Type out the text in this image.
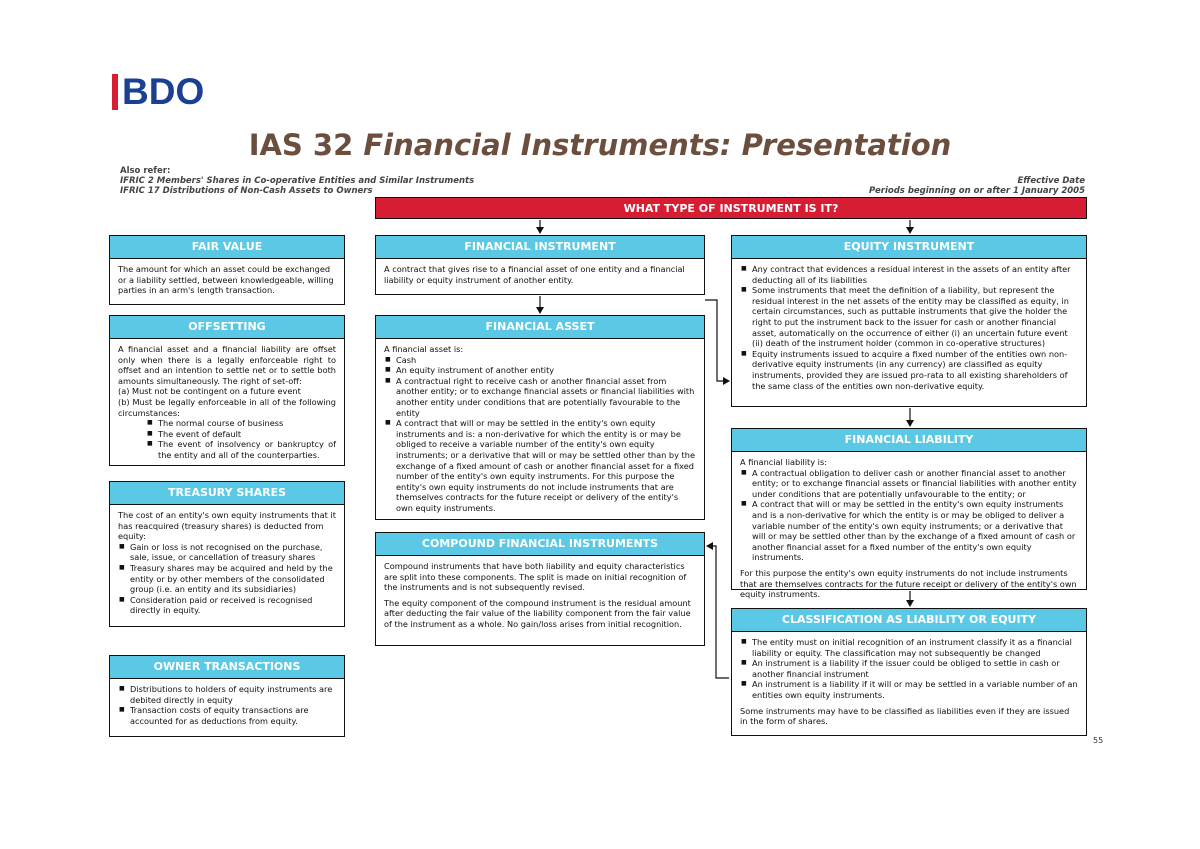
BDO
IAS 32 Financial Instruments: Presentation
Also refer:
IFRIC 2 Members' Shares in Co-operative Entities and Similar Instruments
IFRIC 17 Distributions of Non-Cash Assets to Owners
Effective Date
Periods beginning on or after 1 January 2005
WHAT TYPE OF INSTRUMENT IS IT?
FAIR VALUE
The amount for which an asset could be exchanged or a liability settled, between knowledgeable, willing parties in an arm's length transaction.
OFFSETTING

A financial asset and a financial liability are offset only when there is a legally enforceable right to offset and an intention to settle net or to settle both amounts simultaneously. The right of set-off:

(a) Must not be contingent on a future event

(b) Must be legally enforceable in all of the following circumstances:

■ The normal course of business
■ The event of default
■ The event of insolvency or bankruptcy of the entity and all of the counterparties.
TREASURY SHARES

The cost of an entity's own equity instruments that it has reacquired (treasury shares) is deducted from equity:

■ Gain or loss is not recognised on the purchase, sale, issue, or cancellation of treasury shares
■ Treasury shares may be acquired and held by the entity or by other members of the consolidated group (i.e. an entity and its subsidiaries)
■ Consideration paid or received is recognised directly in equity.
OWNER TRANSACTIONS
■ Distributions to holders of equity instruments are debited directly in equity
■ Transaction costs of equity transactions are accounted for as deductions from equity.
FINANCIAL INSTRUMENT
A contract that gives rise to a financial asset of one entity and a financial liability or equity instrument of another entity.
FINANCIAL ASSET

A financial asset is:

■ Cash
■ An equity instrument of another entity
■ A contractual right to receive cash or another financial asset from another entity; or to exchange financial assets or financial liabilities with another entity under conditions that are potentially favourable to the entity
■ A contract that will or may be settled in the entity's own equity instruments and is: a non-derivative for which the entity is or may be obliged to receive a variable number of the entity's own equity instruments; or a derivative that will or may be settled other than by the exchange of a fixed amount of cash or another financial asset for a fixed number of the entity's own equity instruments. For this purpose the entity's own equity instruments do not include instruments that are themselves contracts for the future receipt or delivery of the entity's own equity instruments.
COMPOUND FINANCIAL INSTRUMENTS

Compound instruments that have both liability and equity characteristics are split into these components. The split is made on initial recognition of the instruments and is not subsequently revised.

The equity component of the compound instrument is the residual amount after deducting the fair value of the liability component from the fair value of the instrument as a whole. No gain/loss arises from initial recognition.

EQUITY INSTRUMENT
■ Any contract that evidences a residual interest in the assets of an entity after deducting all of its liabilities
■ Some instruments that meet the definition of a liability, but represent the residual interest in the net assets of the entity may be classified as equity, in certain circumstances, such as puttable instruments that give the holder the right to put the instrument back to the issuer for cash or another financial asset, automatically on the occurrence of either (i) an uncertain future event (ii) death of the instrument holder (common in co-operative structures)
■ Equity instruments issued to acquire a fixed number of the entities own non-derivative equity instruments (in any currency) are classified as equity instruments, provided they are issued pro-rata to all existing shareholders of the same class of the entities own non-derivative equity.
FINANCIAL LIABILITY

A financial liability is:

■ A contractual obligation to deliver cash or another financial asset to another entity; or to exchange financial assets or financial liabilities with another entity under conditions that are potentially unfavourable to the entity; or
■ A contract that will or may be settled in the entity's own equity instruments and is a non-derivative for which the entity is or may be obliged to deliver a variable number of the entity's own equity instruments; or a derivative that will or may be settled other than by the exchange of a fixed amount of cash or another financial asset for a fixed number of the entity's own equity instruments.

For this purpose the entity's own equity instruments do not include instruments that are themselves contracts for the future receipt or delivery of the entity's own equity instruments.

CLASSIFICATION AS LIABILITY OR EQUITY
■ The entity must on initial recognition of an instrument classify it as a financial liability or equity. The classification may not subsequently be changed
■ An instrument is a liability if the issuer could be obliged to settle in cash or another financial instrument
■ An instrument is a liability if it will or may be settled in a variable number of an entities own equity instruments.

Some instruments may have to be classified as liabilities even if they are issued in the form of shares.

55
